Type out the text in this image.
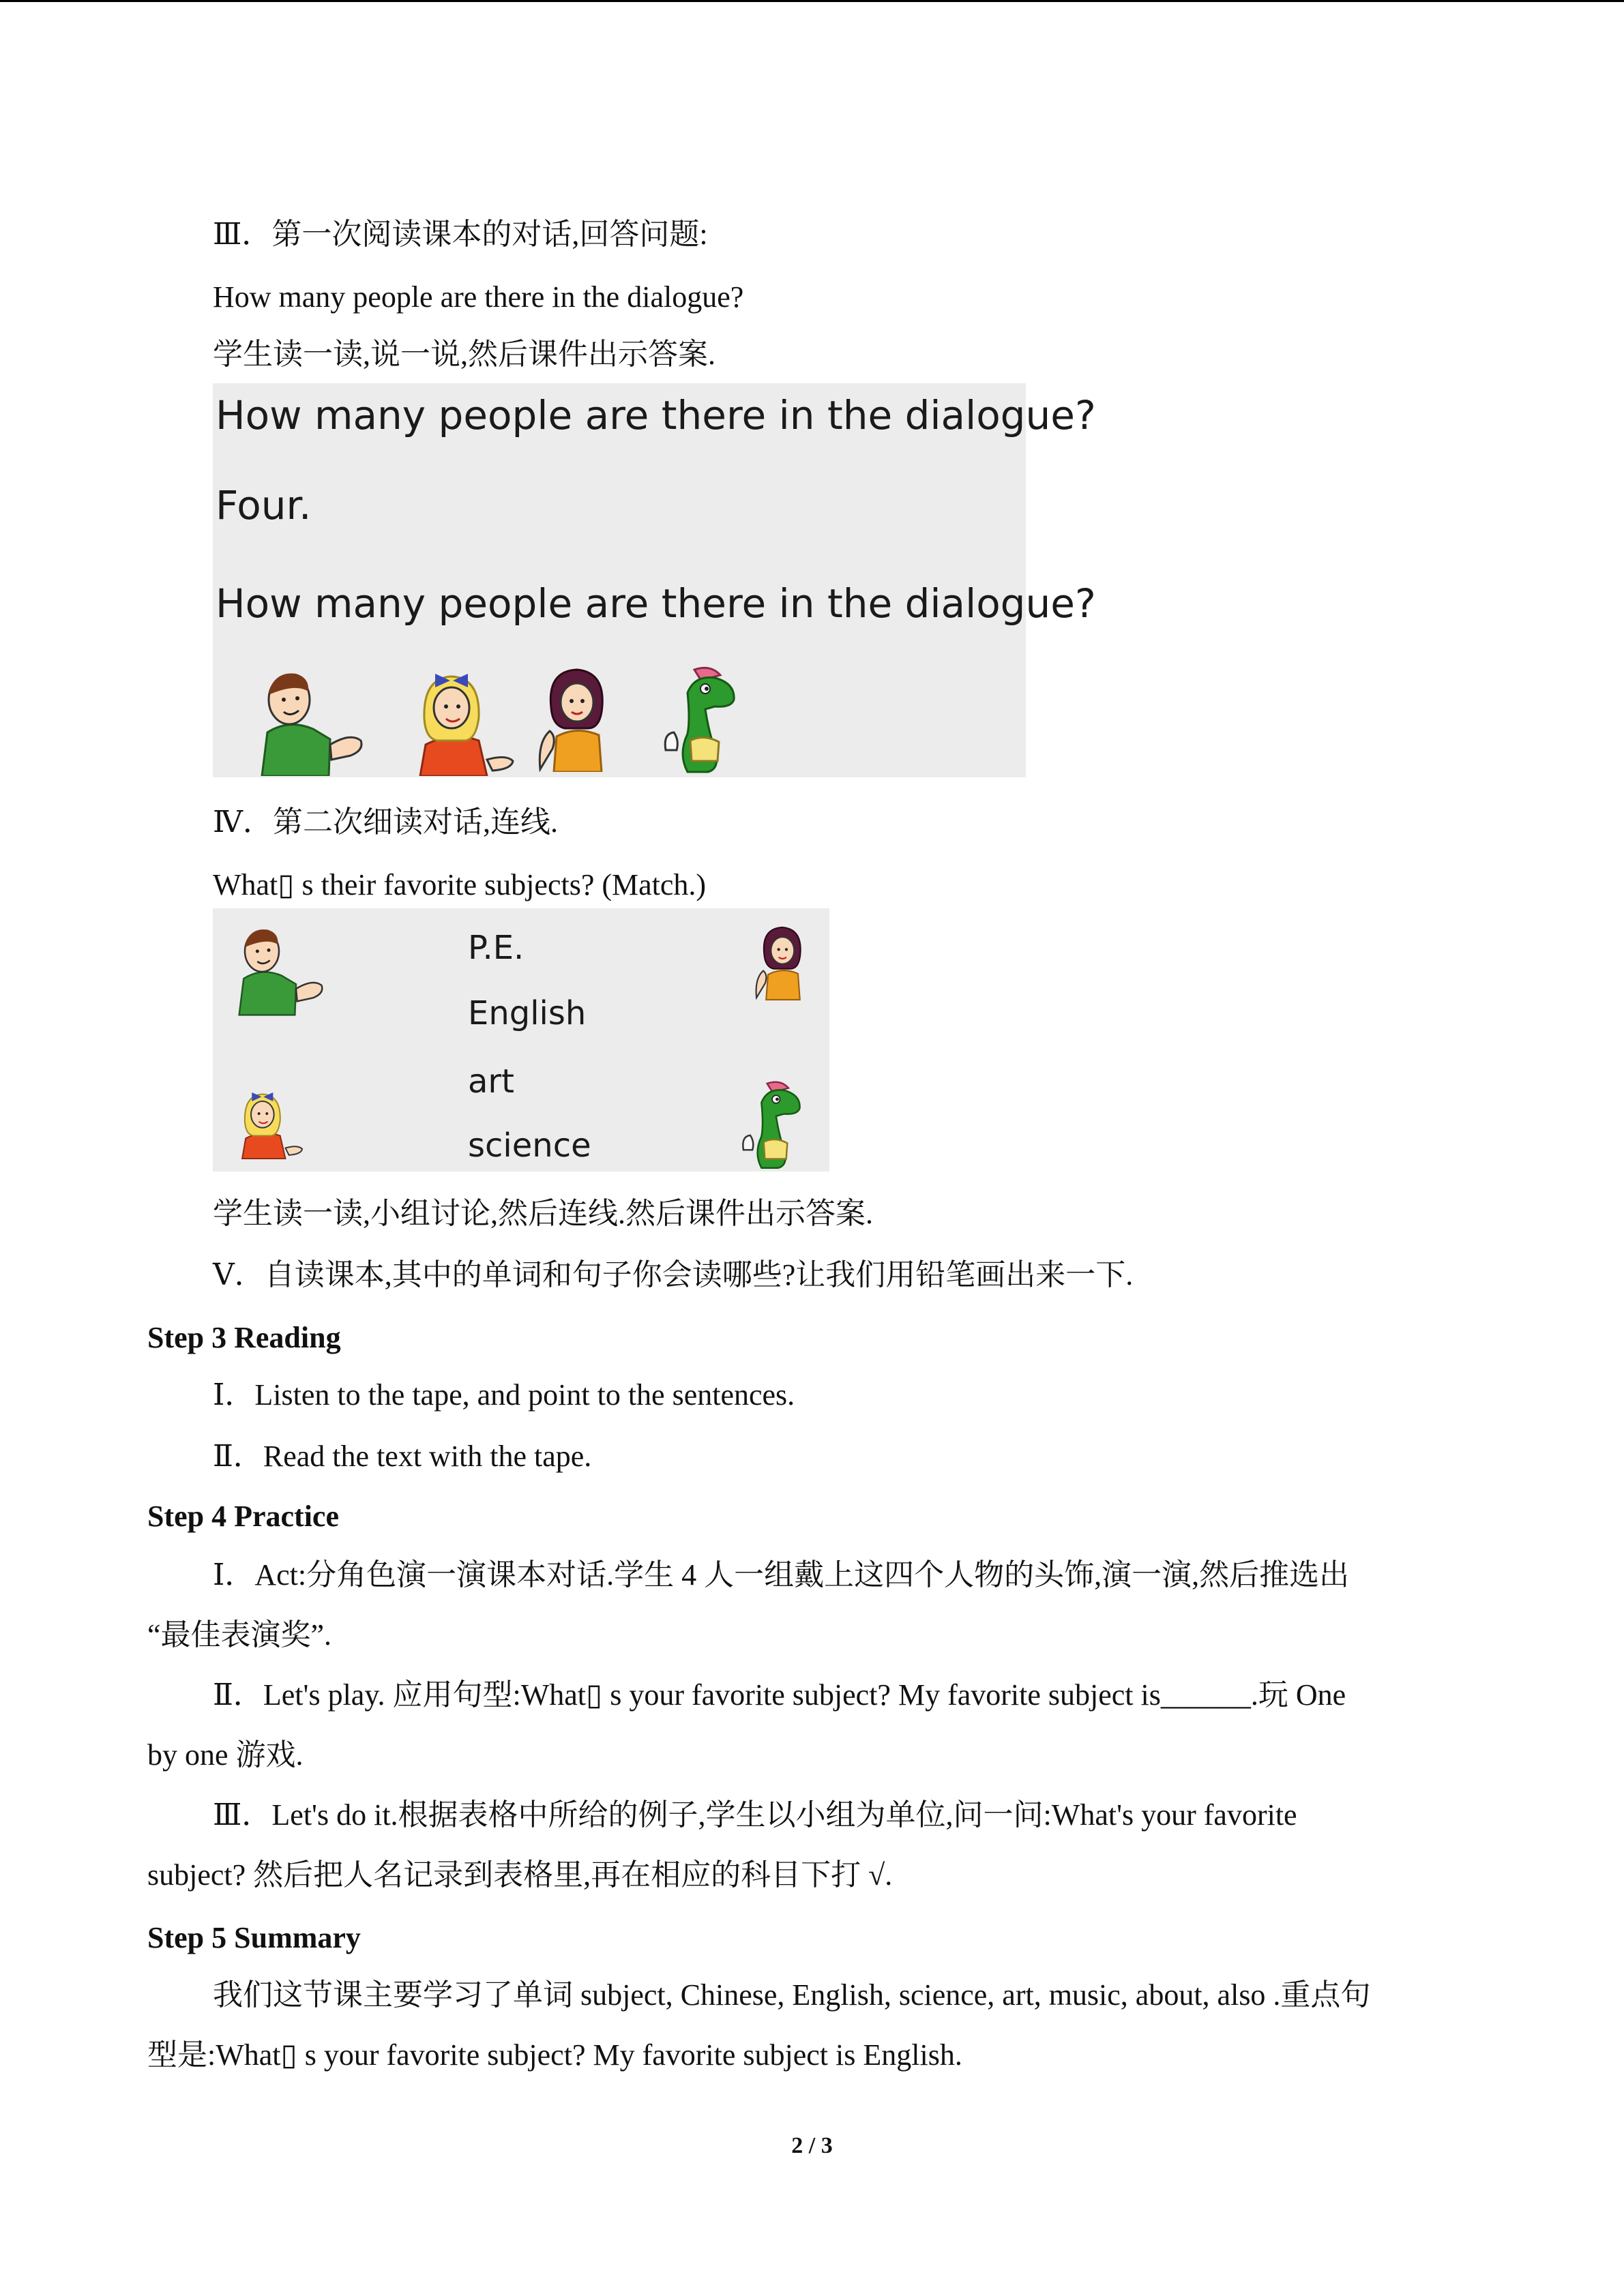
Ⅲ．第一次阅读课本的对话,回答问题:
How many people are there in the dialogue?
学生读一读,说一说,然后课件出示答案.
How many people are there in the dialogue?
Four.
How many people are there in the dialogue?
Ⅳ．第二次细读对话,连线.
What▯ s their favorite subjects? (Match.)
P.E.
English
art
science
学生读一读,小组讨论,然后连线.然后课件出示答案.
Ⅴ．自读课本,其中的单词和句子你会读哪些?让我们用铅笔画出来一下.
Step 3 Reading
Ⅰ．Listen to the tape, and point to the sentences.
Ⅱ．Read the text with the tape.
Step 4 Practice
Ⅰ．Act:分角色演一演课本对话.学生 4 人一组戴上这四个人物的头饰,演一演,然后推选出
“最佳表演奖”.
Ⅱ．Let's play. 应用句型:What▯ s your favorite subject? My favorite subject is______.玩 One
by one 游戏.
Ⅲ．Let's do it.根据表格中所给的例子,学生以小组为单位,问一问:What's your favorite
subject? 然后把人名记录到表格里,再在相应的科目下打 √.
Step 5 Summary
我们这节课主要学习了单词 subject, Chinese, English, science, art, music, about, also .重点句
型是:What▯ s your favorite subject? My favorite subject is English.
2 / 3
